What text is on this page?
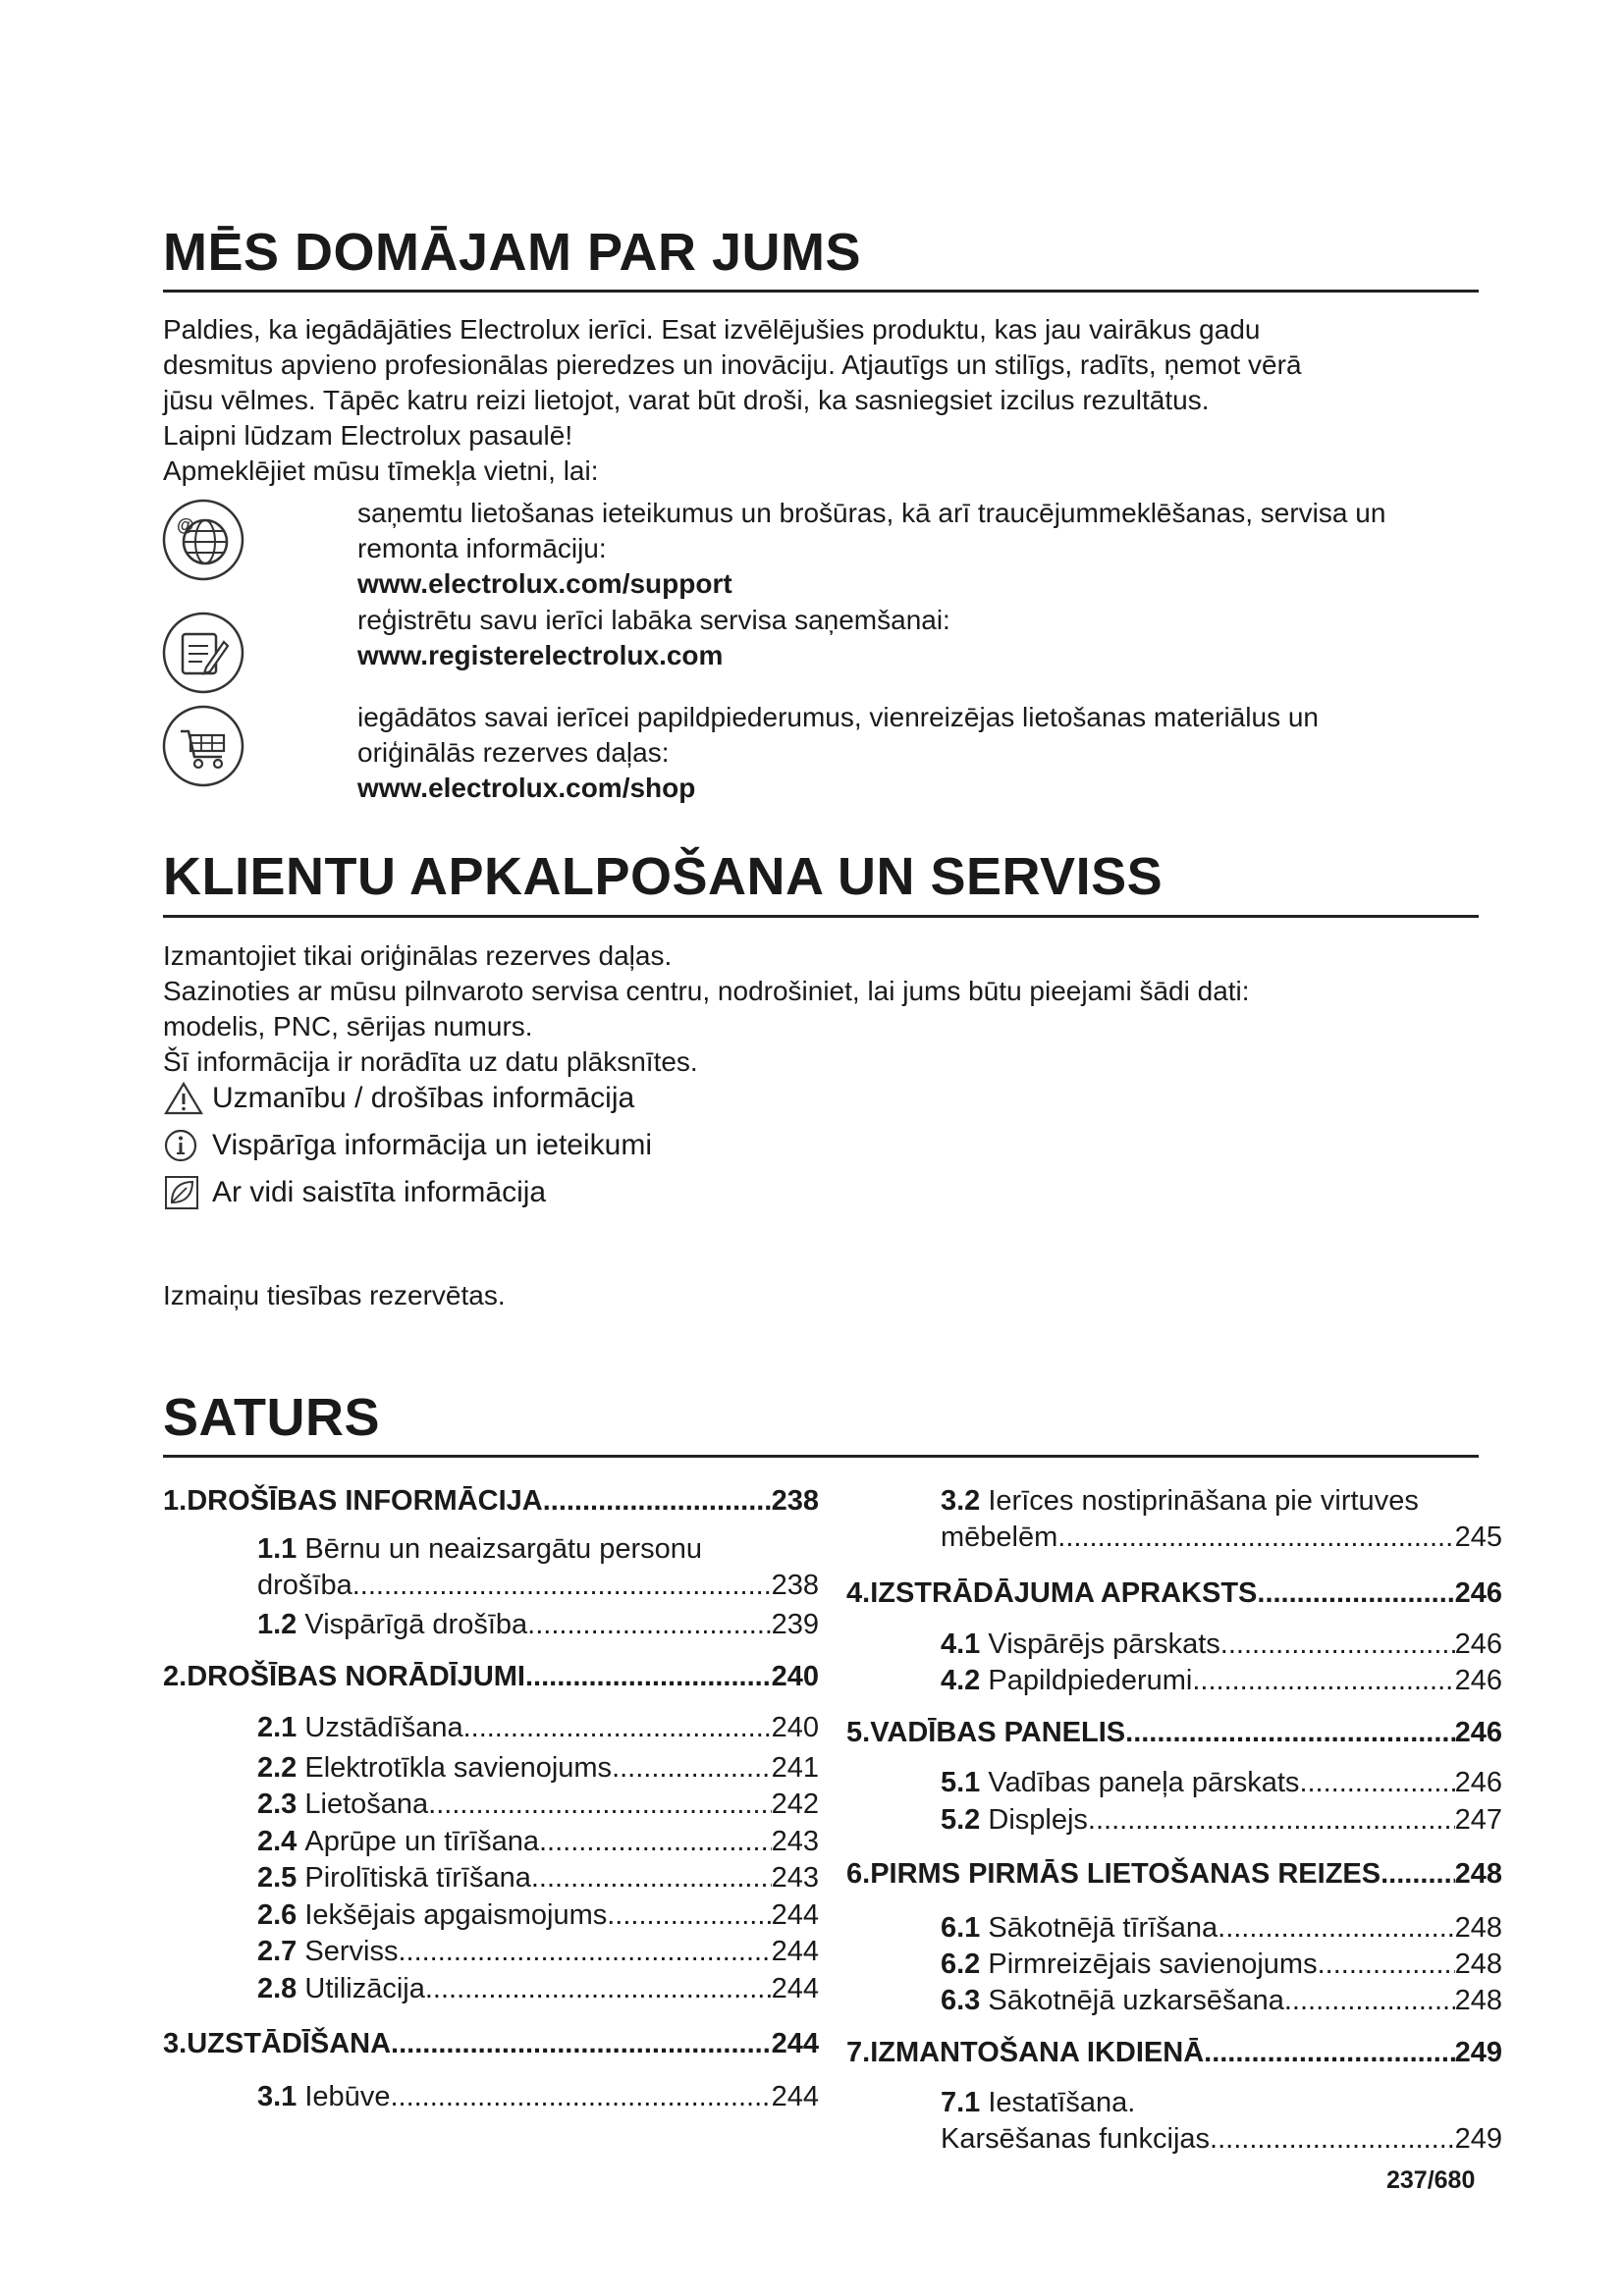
MĒS DOMĀJAM PAR JUMS
Paldies, ka iegādājāties Electrolux ierīci. Esat izvēlējušies produktu, kas jau vairākus gadu
desmitus apvieno profesionālas pieredzes un inovāciju. Atjautīgs un stilīgs, radīts, ņemot vērā
jūsu vēlmes. Tāpēc katru reizi lietojot, varat būt droši, ka sasniegsiet izcilus rezultātus.
Laipni lūdzam Electrolux pasaulē!
Apmeklējiet mūsu tīmekļa vietni, lai:
@	saņemtu lietošanas ieteikumus un brošūras, kā arī traucējummeklēšanas, servisa un
remonta informāciju:
www.electrolux.com/support
reģistrētu savu ierīci labāka servisa saņemšanai:
www.registerelectrolux.com
iegādātos savai ierīcei papildpiederumus, vienreizējas lietošanas materiālus un
oriģinālās rezerves daļas:
www.electrolux.com/shop
KLIENTU APKALPOŠANA UN SERVISS
Izmantojiet tikai oriģinālas rezerves daļas.
Sazinoties ar mūsu pilnvaroto servisa centru, nodrošiniet, lai jums būtu pieejami šādi dati:
modelis, PNC, sērijas numurs.
Šī informācija ir norādīta uz datu plāksnītes.
Uzmanību / drošības informācija
Vispārīga informācija un ieteikumi
Ar vidi saistīta informācija
Izmaiņu tiesības rezervētas.
SATURS
1. DROŠĪBAS INFORMĀCIJA .....	238
1.1 Bērnu un neaizsargātu personu
drošība .....	238
1.2 Vispārīgā drošība .....	239
2. DROŠĪBAS NORĀDĪJUMI .....	240
2.1 Uzstādīšana .....	240
2.2 Elektrotīkla savienojums .....	241
2.3 Lietošana .....	242
2.4 Aprūpe un tīrīšana .....	243
2.5 Pirolītiskā tīrīšana .....	243
2.6 Iekšējais apgaismojums .....	244
2.7 Serviss .....	244
2.8 Utilizācija .....	244
3. UZSTĀDĪŠANA .....	244
3.1 Iebūve .....	244
3.2 Ierīces nostiprināšana pie virtuves
mēbelēm .....	245
4. IZSTRĀDĀJUMA APRAKSTS .....	246
4.1 Vispārējs pārskats .....	246
4.2 Papildpiederumi .....	246
5. VADĪBAS PANELIS .....	246
5.1 Vadības paneļa pārskats .....	246
5.2 Displejs .....	247
6. PIRMS PIRMĀS LIETOŠANAS REIZES .....	248
6.1 Sākotnējā tīrīšana .....	248
6.2 Pirmreizējais savienojums .....	248
6.3 Sākotnējā uzkarsēšana .....	248
7. IZMANTOŠANA IKDIENĀ .....	249
7.1 Iestatīšana.
Karsēšanas funkcijas .....	249
237/680
